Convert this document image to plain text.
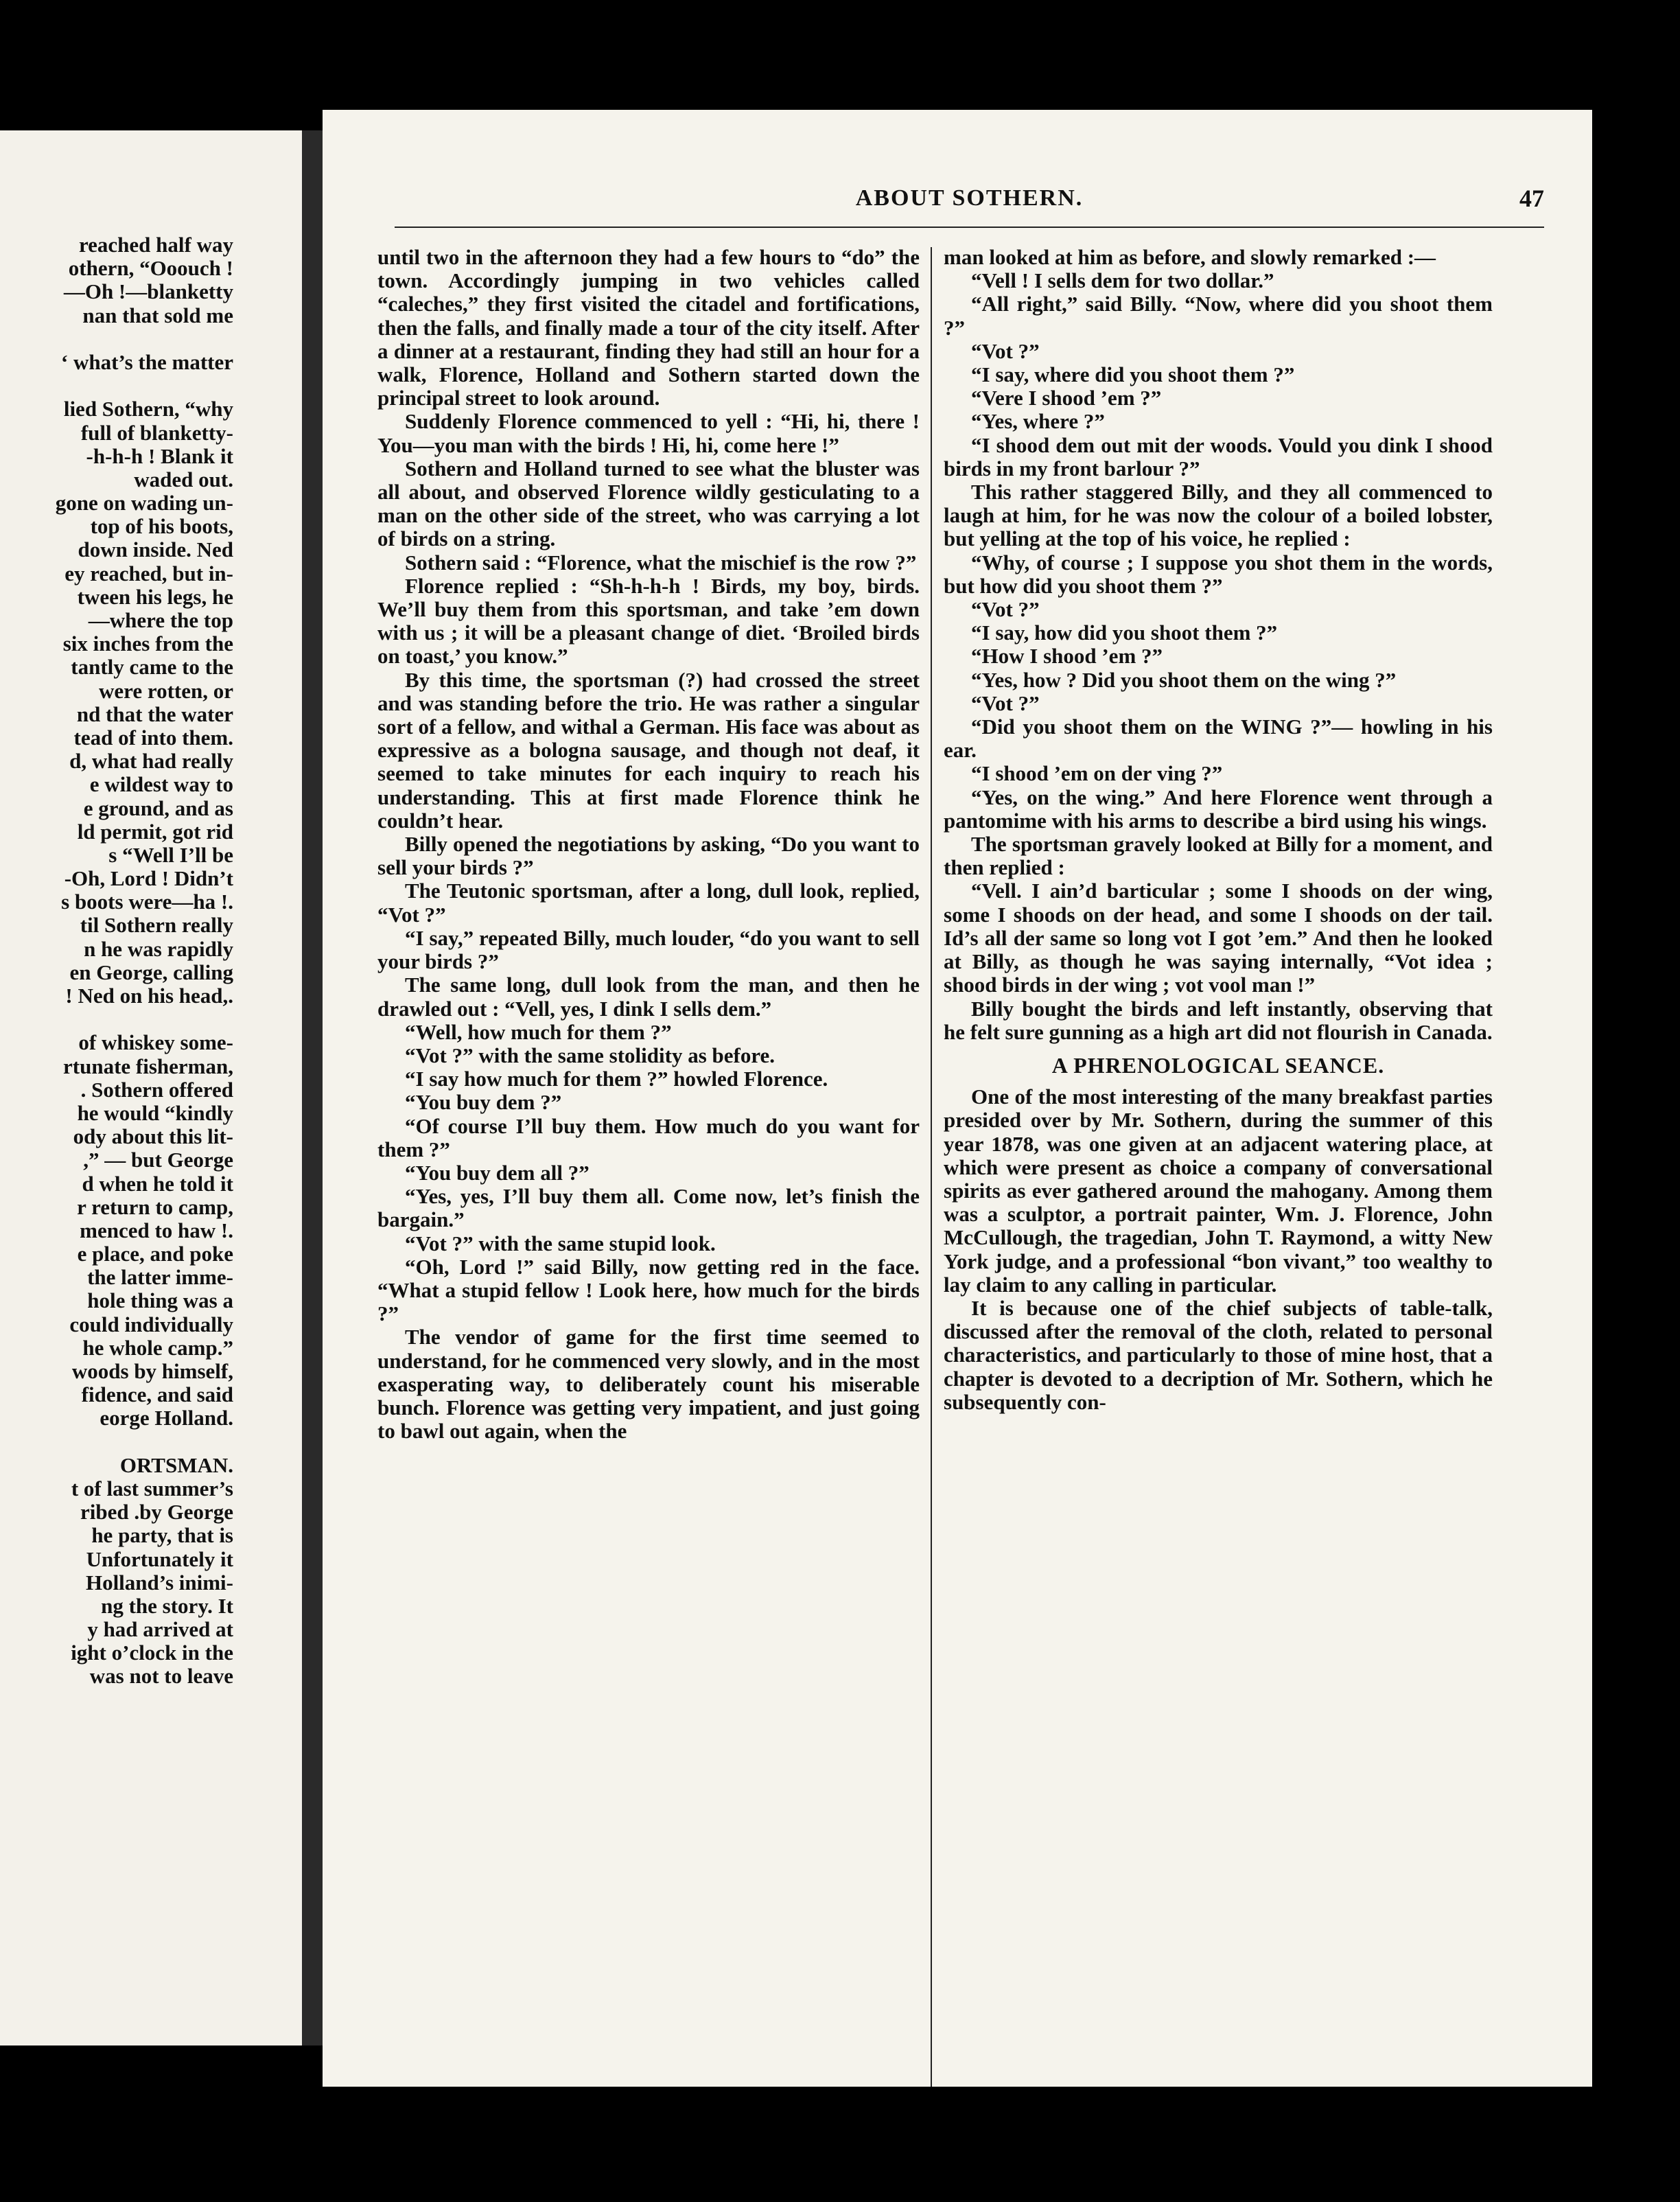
reached half way
othern, “Ooouch !
—Oh !—blanketty
nan that sold me
‘ what’s the matter
lied Sothern, “why
full of blanketty-
-h-h-h ! Blank it
waded out.
gone on wading un-
top of his boots,
down inside. Ned
ey reached, but in-
tween his legs, he
—where the top
six inches from the
tantly came to the
were rotten, or
nd that the water
tead of into them.
d, what had really
e wildest way to
e ground, and as
ld permit, got rid
s “Well I’ll be
-Oh, Lord ! Didn’t
s boots were—ha !.
til Sothern really
n he was rapidly
en George, calling
! Ned on his head,.
of whiskey some-
rtunate fisherman,
. Sothern offered
he would “kindly
ody about this lit-
,” — but George
d when he told it
r return to camp,
menced to haw !.
e place, and poke
the latter imme-
hole thing was a
could individually
he whole camp.”
woods by himself,
fidence, and said
eorge Holland.
ORTSMAN.
t of last summer’s
ribed .by George
he party, that is
Unfortunately it
Holland’s inimi-
ng the story. It
y had arrived at
ight o’clock in the
was not to leave
ABOUT SOTHERN.	47

until two in the afternoon they had a few hours to “do” the town. Accordingly jumping in two vehicles called “caleches,” they first visited the citadel and fortifications, then the falls, and finally made a tour of the city itself. After a dinner at a restaurant, finding they had still an hour for a walk, Florence, Holland and Sothern started down the principal street to look around.

Suddenly Florence commenced to yell : “Hi, hi, there ! You—you man with the birds ! Hi, hi, come here !”

Sothern and Holland turned to see what the bluster was all about, and observed Florence wildly gesticulating to a man on the other side of the street, who was carrying a lot of birds on a string.

Sothern said : “Florence, what the mischief is the row ?”

Florence replied : “Sh-h-h-h ! Birds, my boy, birds. We’ll buy them from this sportsman, and take ’em down with us ; it will be a pleasant change of diet. ‘Broiled birds on toast,’ you know.”

By this time, the sportsman (?) had crossed the street and was standing before the trio. He was rather a singular sort of a fellow, and withal a German. His face was about as expressive as a bologna sausage, and though not deaf, it seemed to take minutes for each inquiry to reach his understanding. This at first made Florence think he couldn’t hear.

Billy opened the negotiations by asking, “Do you want to sell your birds ?”

The Teutonic sportsman, after a long, dull look, replied, “Vot ?”

“I say,” repeated Billy, much louder, “do you want to sell your birds ?”

The same long, dull look from the man, and then he drawled out : “Vell, yes, I dink I sells dem.”

“Well, how much for them ?”

“Vot ?” with the same stolidity as before.

“I say how much for them ?” howled Florence.

“You buy dem ?”

“Of course I’ll buy them. How much do you want for them ?”

“You buy dem all ?”

“Yes, yes, I’ll buy them all. Come now, let’s finish the bargain.”

“Vot ?” with the same stupid look.

“Oh, Lord !” said Billy, now getting red in the face. “What a stupid fellow ! Look here, how much for the birds ?”

The vendor of game for the first time seemed to understand, for he commenced very slowly, and in the most exasperating way, to deliberately count his miserable bunch. Florence was getting very impatient, and just going to bawl out again, when the

man looked at him as before, and slowly remarked :—

“Vell ! I sells dem for two dollar.”

“All right,” said Billy. “Now, where did you shoot them ?”

“Vot ?”

“I say, where did you shoot them ?”

“Vere I shood ’em ?”

“Yes, where ?”

“I shood dem out mit der woods. Vould you dink I shood birds in my front barlour ?”

This rather staggered Billy, and they all commenced to laugh at him, for he was now the colour of a boiled lobster, but yelling at the top of his voice, he replied :

“Why, of course ; I suppose you shot them in the words, but how did you shoot them ?”

“Vot ?”

“I say, how did you shoot them ?”

“How I shood ’em ?”

“Yes, how ? Did you shoot them on the wing ?”

“Vot ?”

“Did you shoot them on the WING ?”— howling in his ear.

“I shood ’em on der ving ?”

“Yes, on the wing.” And here Florence went through a pantomime with his arms to describe a bird using his wings.

The sportsman gravely looked at Billy for a moment, and then replied :

“Vell. I ain’d barticular ; some I shoods on der wing, some I shoods on der head, and some I shoods on der tail. Id’s all der same so long vot I got ’em.” And then he looked at Billy, as though he was saying internally, “Vot idea ; shood birds in der wing ; vot vool man !”

Billy bought the birds and left instantly, observing that he felt sure gunning as a high art did not flourish in Canada.

A PHRENOLOGICAL SEANCE.

One of the most interesting of the many breakfast parties presided over by Mr. Sothern, during the summer of this year 1878, was one given at an adjacent watering place, at which were present as choice a company of conversational spirits as ever gathered around the mahogany. Among them was a sculptor, a portrait painter, Wm. J. Florence, John McCullough, the tragedian, John T. Raymond, a witty New York judge, and a professional “bon vivant,” too wealthy to lay claim to any calling in particular.

It is because one of the chief subjects of table-talk, discussed after the removal of the cloth, related to personal characteristics, and particularly to those of mine host, that a chapter is devoted to a decription of Mr. Sothern, which he subsequently con-
